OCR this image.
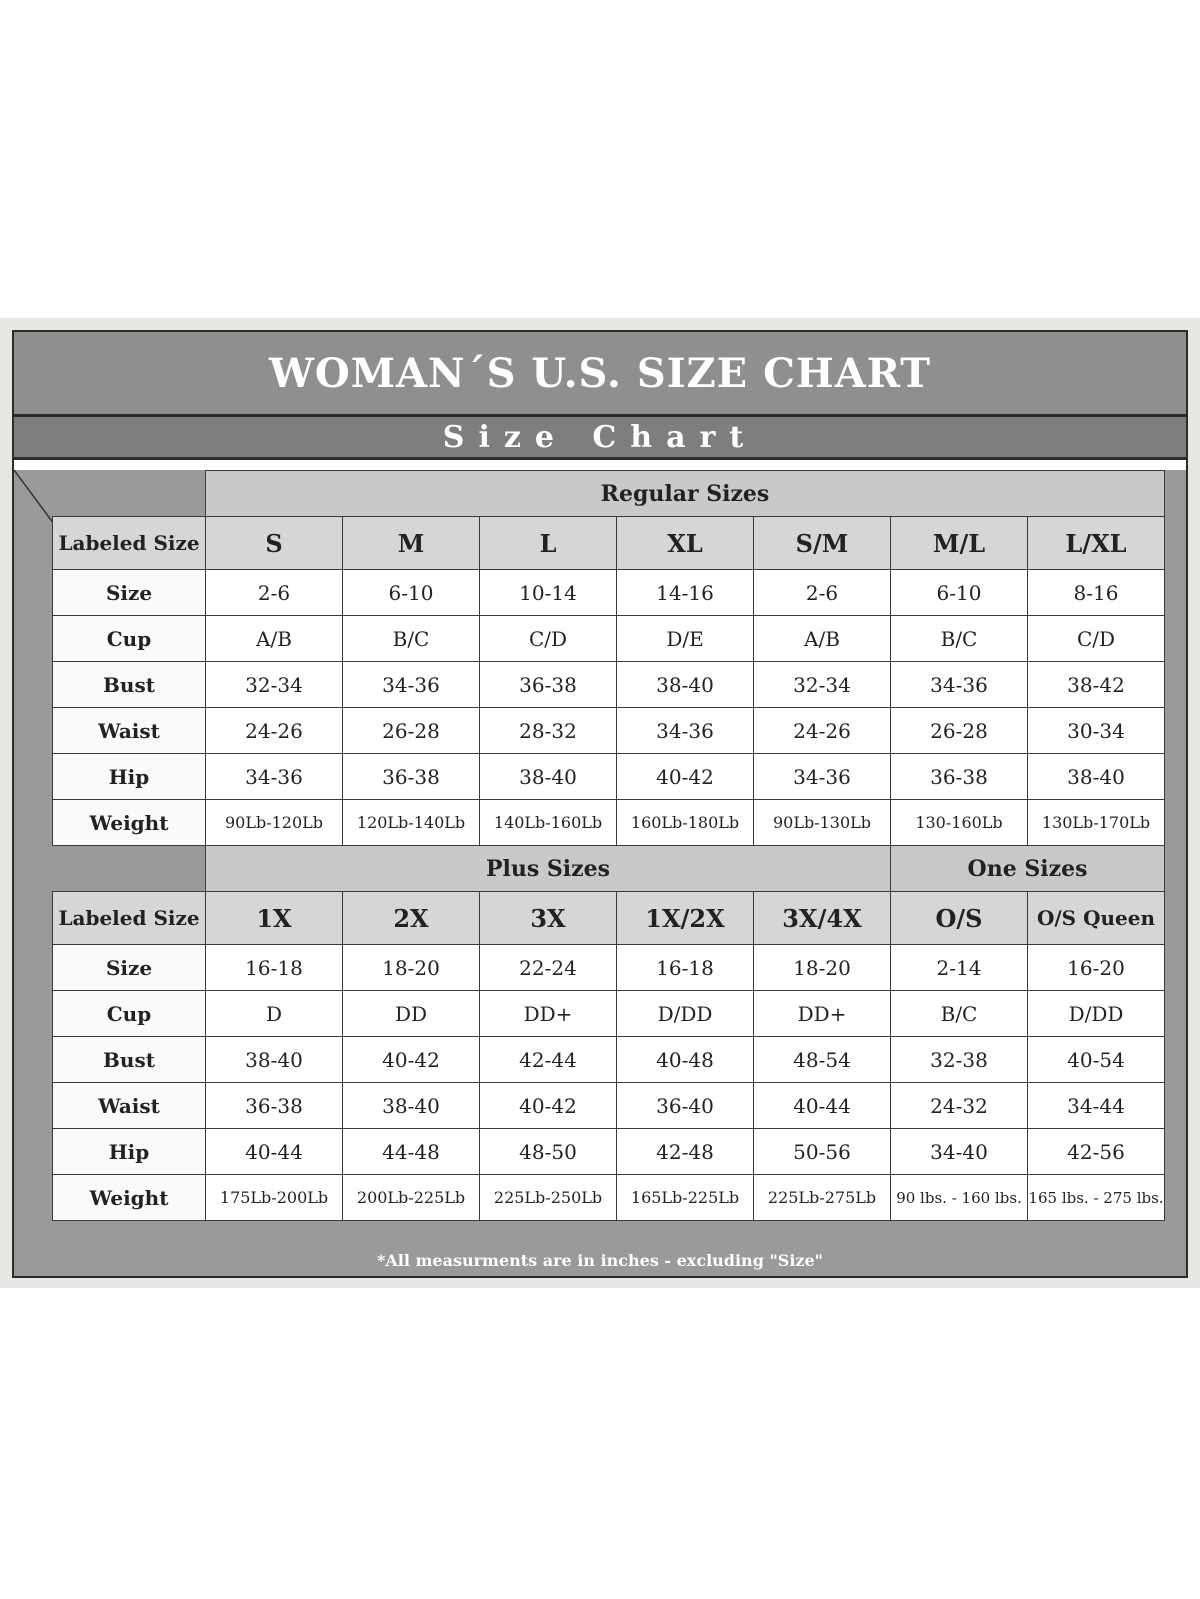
WOMAN´S U.S. SIZE CHART
Size Chart
	Regular Sizes						
Labeled Size	S	M	L	XL	S/M	M/L	L/XL
Size	2-6	6-10	10-14	14-16	2-6	6-10	8-16
Cup	A/B	B/C	C/D	D/E	A/B	B/C	C/D
Bust	32-34	34-36	36-38	38-40	32-34	34-36	38-42
Waist	24-26	26-28	28-32	34-36	24-26	26-28	30-34
Hip	34-36	36-38	38-40	40-42	34-36	36-38	38-40
Weight	90Lb-120Lb	120Lb-140Lb	140Lb-160Lb	160Lb-180Lb	90Lb-130Lb	130-160Lb	130Lb-170Lb
	Plus Sizes					One Sizes	
Labeled Size	1X	2X	3X	1X/2X	3X/4X	O/S	O/S Queen
Size	16-18	18-20	22-24	16-18	18-20	2-14	16-20
Cup	D	DD	DD+	D/DD	DD+	B/C	D/DD
Bust	38-40	40-42	42-44	40-48	48-54	32-38	40-54
Waist	36-38	38-40	40-42	36-40	40-44	24-32	34-44
Hip	40-44	44-48	48-50	42-48	50-56	34-40	42-56
Weight	175Lb-200Lb	200Lb-225Lb	225Lb-250Lb	165Lb-225Lb	225Lb-275Lb	90 lbs. - 160 lbs.	165 lbs. - 275 lbs.
*All measurments are in inches - excluding "Size"
